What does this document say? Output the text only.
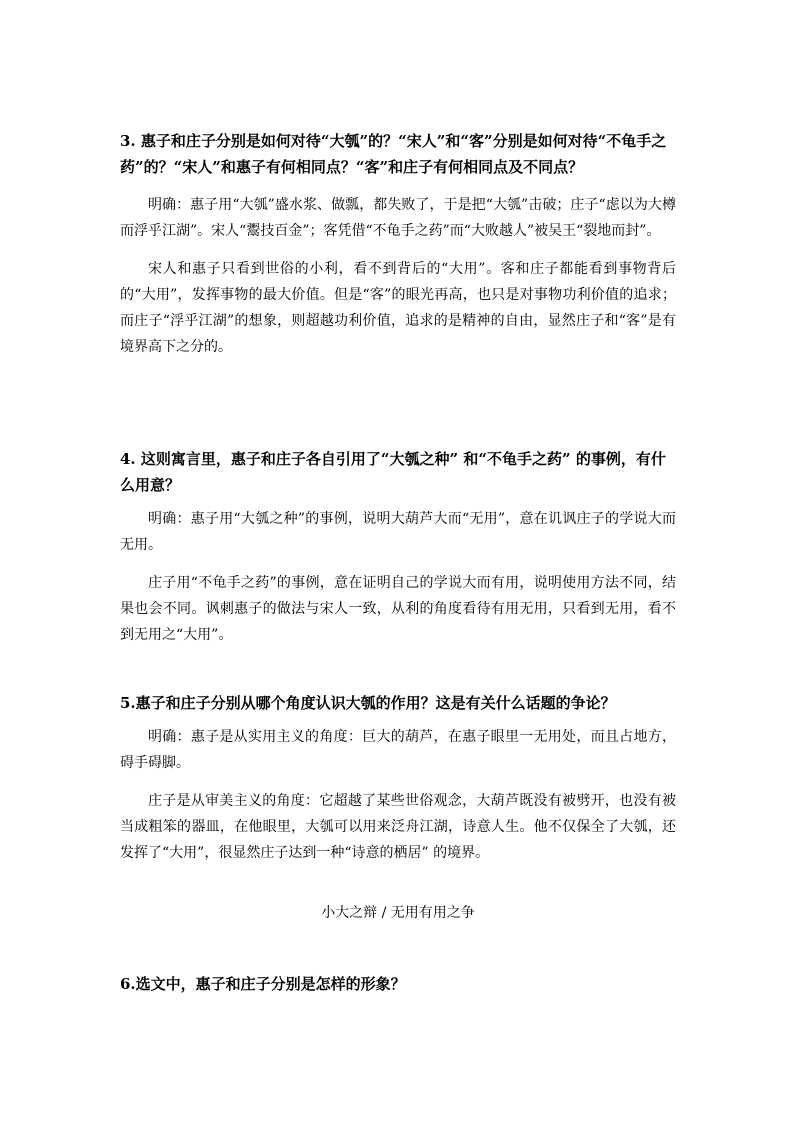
3. 惠子和庄子分别是如何对待“大瓠”的？“宋人”和“客”分别是如何对待“不龟手之药”的？“宋人”和惠子有何相同点？“客”和庄子有何相同点及不同点？

明确：惠子用“大瓠”盛水浆、做瓢，都失败了，于是把“大瓠”击破；庄子“虑以为大樽而浮乎江湖”。宋人“鬻技百金”；客凭借“不龟手之药”而“大败越人”被吴王“裂地而封”。

宋人和惠子只看到世俗的小利，看不到背后的“大用”。客和庄子都能看到事物背后的“大用”，发挥事物的最大价值。但是“客”的眼光再高，也只是对事物功利价值的追求；而庄子“浮乎江湖”的想象，则超越功利价值，追求的是精神的自由，显然庄子和“客”是有境界高下之分的。

4. 这则寓言里，惠子和庄子各自引用了“大瓠之种” 和“不龟手之药” 的事例，有什么用意？

明确：惠子用“大瓠之种”的事例，说明大葫芦大而“无用”，意在讥讽庄子的学说大而无用。

庄子用“不龟手之药”的事例，意在证明自己的学说大而有用，说明使用方法不同，结果也会不同。讽刺惠子的做法与宋人一致，从利的角度看待有用无用，只看到无用，看不到无用之“大用”。

5.惠子和庄子分别从哪个角度认识大瓠的作用？这是有关什么话题的争论？

明确：惠子是从实用主义的角度：巨大的葫芦，在惠子眼里一无用处，而且占地方，碍手碍脚。

庄子是从审美主义的角度：它超越了某些世俗观念，大葫芦既没有被劈开，也没有被当成粗笨的器皿，在他眼里，大瓠可以用来泛舟江湖，诗意人生。他不仅保全了大瓠，还发挥了“大用”，很显然庄子达到一种“诗意的栖居” 的境界。

小大之辩 / 无用有用之争

6.选文中，惠子和庄子分别是怎样的形象？
